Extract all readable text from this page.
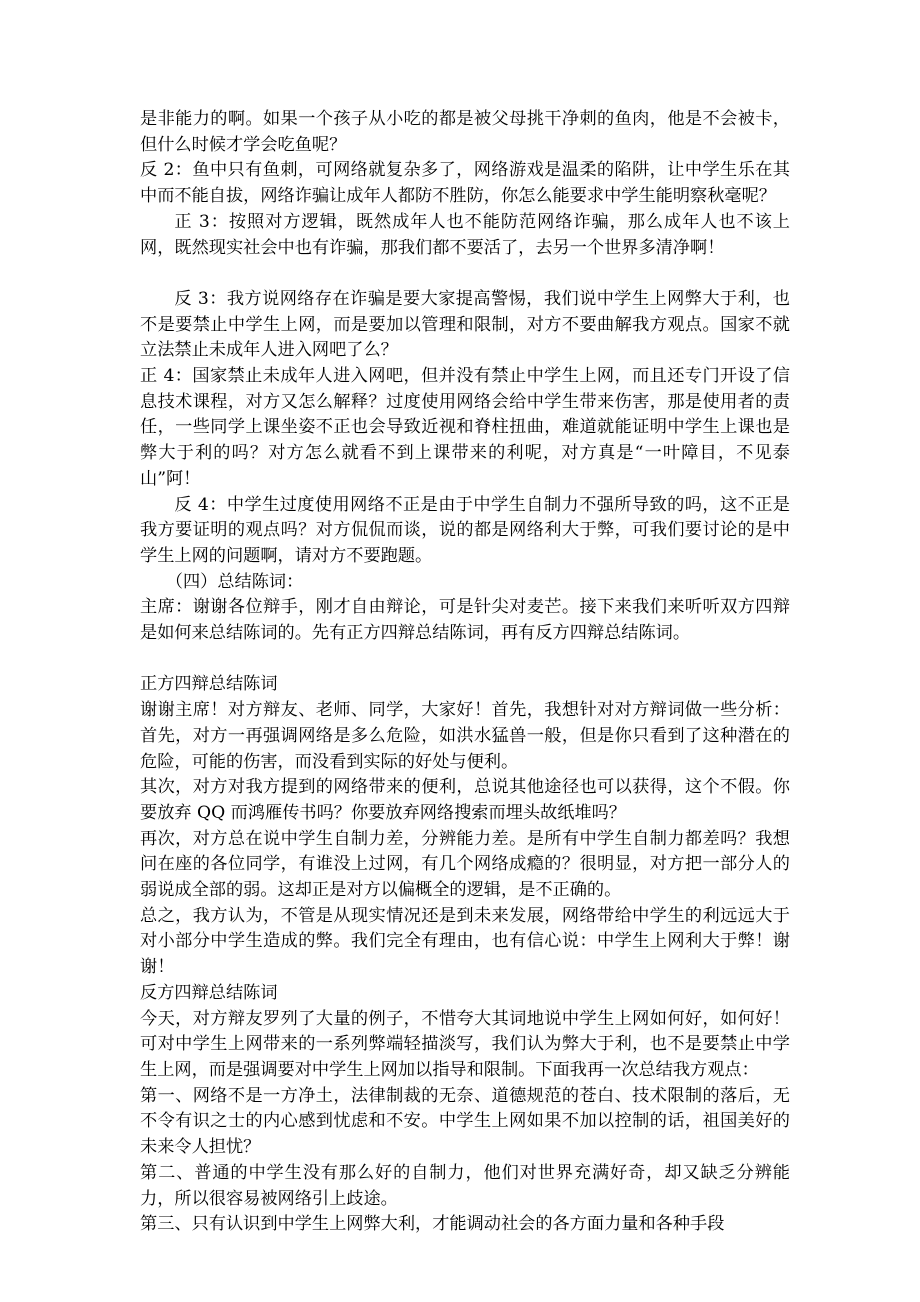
是非能力的啊。如果一个孩子从小吃的都是被父母挑干净刺的鱼肉，他是不会被卡，但什么时候才学会吃鱼呢？

反 2：鱼中只有鱼刺，可网络就复杂多了，网络游戏是温柔的陷阱，让中学生乐在其中而不能自拔，网络诈骗让成年人都防不胜防，你怎么能要求中学生能明察秋毫呢？

正 3：按照对方逻辑，既然成年人也不能防范网络诈骗，那么成年人也不该上网，既然现实社会中也有诈骗，那我们都不要活了，去另一个世界多清净啊！

反 3：我方说网络存在诈骗是要大家提高警惕，我们说中学生上网弊大于利，也不是要禁止中学生上网，而是要加以管理和限制，对方不要曲解我方观点。国家不就立法禁止未成年人进入网吧了么？

正 4：国家禁止未成年人进入网吧，但并没有禁止中学生上网，而且还专门开设了信息技术课程，对方又怎么解释？过度使用网络会给中学生带来伤害，那是使用者的责任，一些同学上课坐姿不正也会导致近视和脊柱扭曲，难道就能证明中学生上课也是弊大于利的吗？对方怎么就看不到上课带来的利呢，对方真是“一叶障目，不见泰山”阿！

反 4：中学生过度使用网络不正是由于中学生自制力不强所导致的吗，这不正是我方要证明的观点吗？对方侃侃而谈，说的都是网络利大于弊，可我们要讨论的是中学生上网的问题啊，请对方不要跑题。

（四）总结陈词：

主席：谢谢各位辩手，刚才自由辩论，可是针尖对麦芒。接下来我们来听听双方四辩是如何来总结陈词的。先有正方四辩总结陈词，再有反方四辩总结陈词。

正方四辩总结陈词

谢谢主席！对方辩友、老师、同学，大家好！首先，我想针对对方辩词做一些分析：首先，对方一再强调网络是多么危险，如洪水猛兽一般，但是你只看到了这种潜在的危险，可能的伤害，而没看到实际的好处与便利。

其次，对方对我方提到的网络带来的便利，总说其他途径也可以获得，这个不假。你要放弃 QQ 而鸿雁传书吗？你要放弃网络搜索而埋头故纸堆吗？

再次，对方总在说中学生自制力差，分辨能力差。是所有中学生自制力都差吗？我想问在座的各位同学，有谁没上过网，有几个网络成瘾的？很明显，对方把一部分人的弱说成全部的弱。这却正是对方以偏概全的逻辑，是不正确的。

总之，我方认为，不管是从现实情况还是到未来发展，网络带给中学生的利远远大于对小部分中学生造成的弊。我们完全有理由，也有信心说：中学生上网利大于弊！谢谢！

反方四辩总结陈词

今天，对方辩友罗列了大量的例子，不惜夸大其词地说中学生上网如何好，如何好！可对中学生上网带来的一系列弊端轻描淡写，我们认为弊大于利，也不是要禁止中学生上网，而是强调要对中学生上网加以指导和限制。下面我再一次总结我方观点：

第一、网络不是一方净土，法律制裁的无奈、道德规范的苍白、技术限制的落后，无不令有识之士的内心感到忧虑和不安。中学生上网如果不加以控制的话，祖国美好的未来令人担忧？

第二、普通的中学生没有那么好的自制力，他们对世界充满好奇，却又缺乏分辨能力，所以很容易被网络引上歧途。

第三、只有认识到中学生上网弊大利，才能调动社会的各方面力量和各种手段
